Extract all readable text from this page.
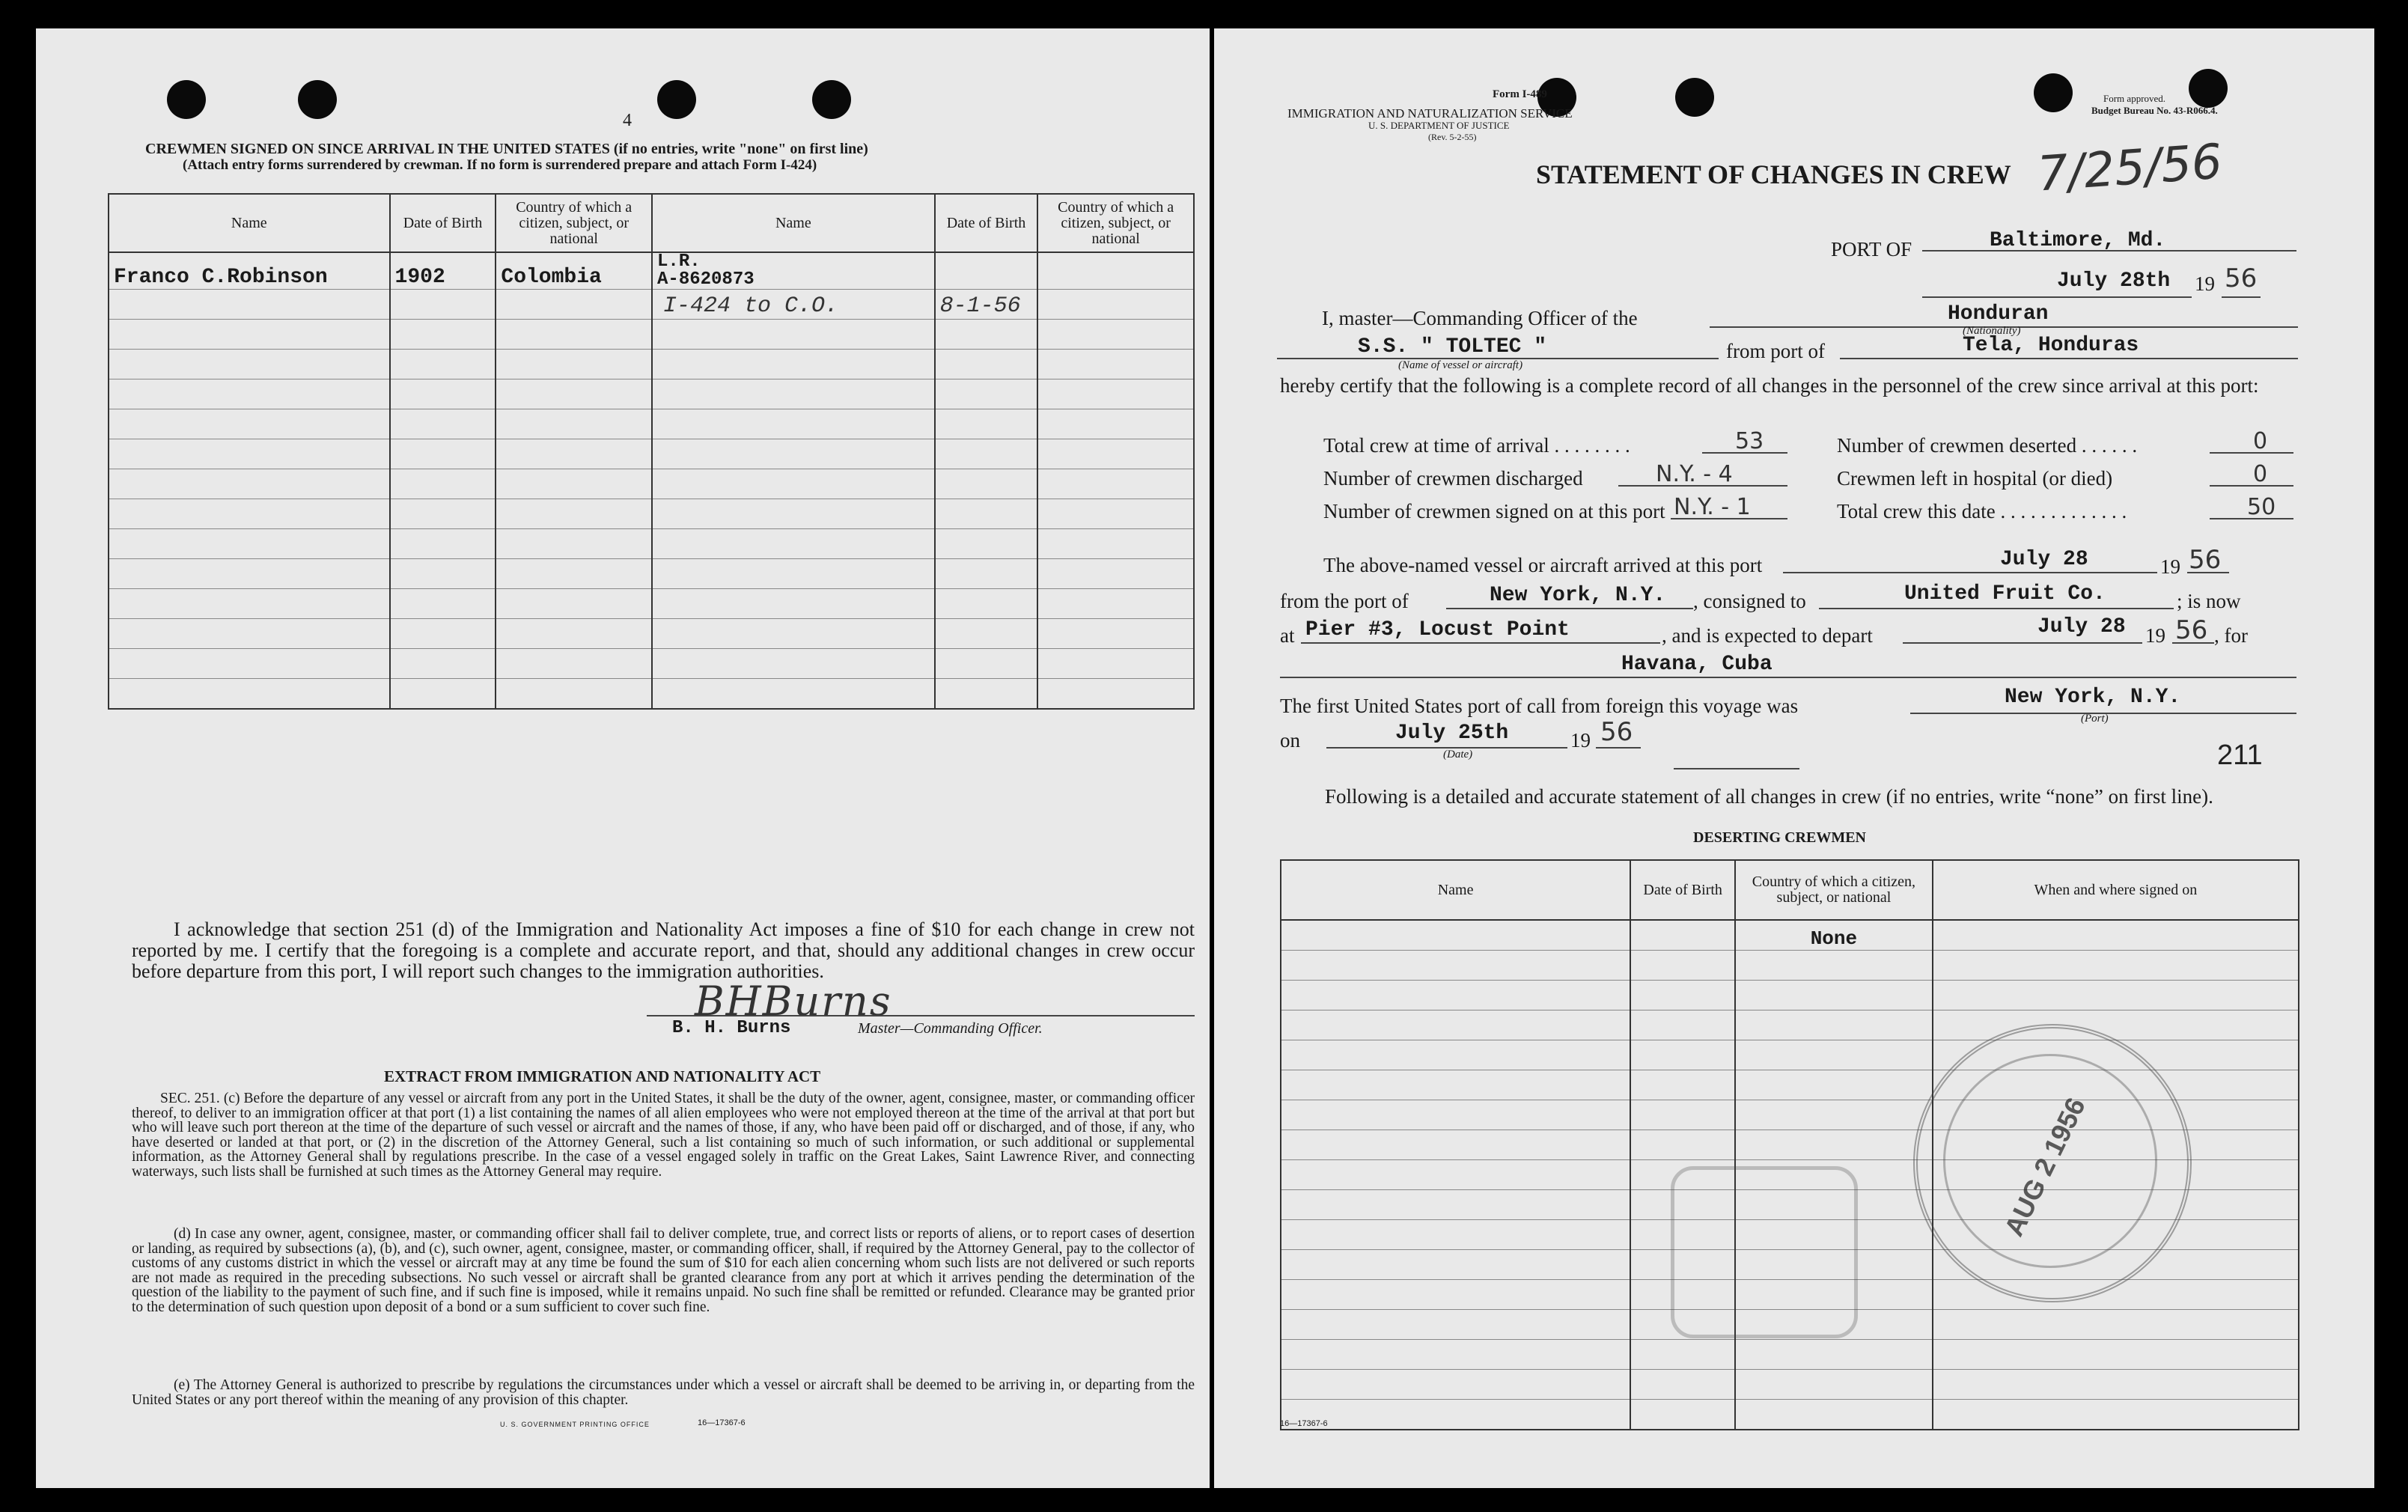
4
CREWMEN SIGNED ON SINCE ARRIVAL IN THE UNITED STATES (if no entries, write "none" on first line)
(Attach entry forms surrendered by crewman. If no form is surrendered prepare and attach Form I-424)
Name	Date of Birth	Country of which a citizen, subject, or national	Name	Date of Birth	Country of which a citizen, subject, or national
Franco C.Robinson	1902	Colombia	L.R.
A-8620873		
			I-424 to C.O.	8-1-56	

I acknowledge that section 251 (d) of the Immigration and Nationality Act imposes a fine of $10 for each change in crew not reported by me. I certify that the foregoing is a complete and accurate report, and that, should any additional changes in crew occur before departure from this port, I will report such changes to the immigration authorities.
BHBurns
B. H. Burns	Master—Commanding Officer.
EXTRACT FROM IMMIGRATION AND NATIONALITY ACT
SEC. 251. (c) Before the departure of any vessel or aircraft from any port in the United States, it shall be the duty of the owner, agent, consignee, master, or commanding officer thereof, to deliver to an immigration officer at that port (1) a list containing the names of all alien employees who were not employed thereon at the time of the arrival at that port but who will leave such port thereon at the time of the departure of such vessel or aircraft and the names of those, if any, who have been paid off or discharged, and of those, if any, who have deserted or landed at that port, or (2) in the discretion of the Attorney General, such a list containing so much of such information, or such additional or supplemental information, as the Attorney General shall by regulations prescribe. In the case of a vessel engaged solely in traffic on the Great Lakes, Saint Lawrence River, and connecting waterways, such lists shall be furnished at such times as the Attorney General may require.
(d) In case any owner, agent, consignee, master, or commanding officer shall fail to deliver complete, true, and correct lists or reports of aliens, or to report cases of desertion or landing, as required by subsections (a), (b), and (c), such owner, agent, consignee, master, or commanding officer, shall, if required by the Attorney General, pay to the collector of customs of any customs district in which the vessel or aircraft may at any time be found the sum of $10 for each alien concerning whom such lists are not delivered or such reports are not made as required in the preceding subsections. No such vessel or aircraft shall be granted clearance from any port at which it arrives pending the determination of the question of the liability to the payment of such fine, and if such fine is imposed, while it remains unpaid. No such fine shall be remitted or refunded. Clearance may be granted prior to the determination of such question upon deposit of a bond or a sum sufficient to cover such fine.
(e) The Attorney General is authorized to prescribe by regulations the circumstances under which a vessel or aircraft shall be deemed to be arriving in, or departing from the United States or any port thereof within the meaning of any provision of this chapter.
U. S. GOVERNMENT PRINTING OFFICE	16—17367-6
Form I-489
IMMIGRATION AND NATURALIZATION SERVICE
U. S. DEPARTMENT OF JUSTICE
(Rev. 5-2-55)
Form approved.
Budget Bureau No. 43-R066.4.
STATEMENT OF CHANGES IN CREW 7/25/56
PORT OF	Baltimore, Md.
July 28th 19 56
I, master—Commanding Officer of the	Honduran
(Nationality)
S.S. " TOLTEC "
(Name of vessel or aircraft)
from port of	Tela, Honduras
hereby certify that the following is a complete record of all changes in the personnel of the crew since arrival at this port:
Total crew at time of arrival . . . . . . . .	53
Number of crewmen discharged	N.Y. - 4
Number of crewmen signed on at this port N.Y. - 1
Number of crewmen deserted . . . . . .	0
Crewmen left in hospital (or died)	0
Total crew this date . . . . . . . . . . . . .	50
The above-named vessel or aircraft arrived at this port	July 28	19 56
from the port of	New York, N.Y. , consigned to	United Fruit Co.	; is now
at Pier #3, Locust Point	, and is expected to depart	July 28 19 56 , for
Havana, Cuba
The first United States port of call from foreign this voyage was	New York, N.Y.
(Port)
on	July 25th
(Date)
19 56
211
Following is a detailed and accurate statement of all changes in crew (if no entries, write “none” on first line).
DESERTING CREWMEN
Name	Date of Birth	Country of which a citizen, subject, or national	When and where signed on
		None	

AUG 2 1956
16—17367-6
